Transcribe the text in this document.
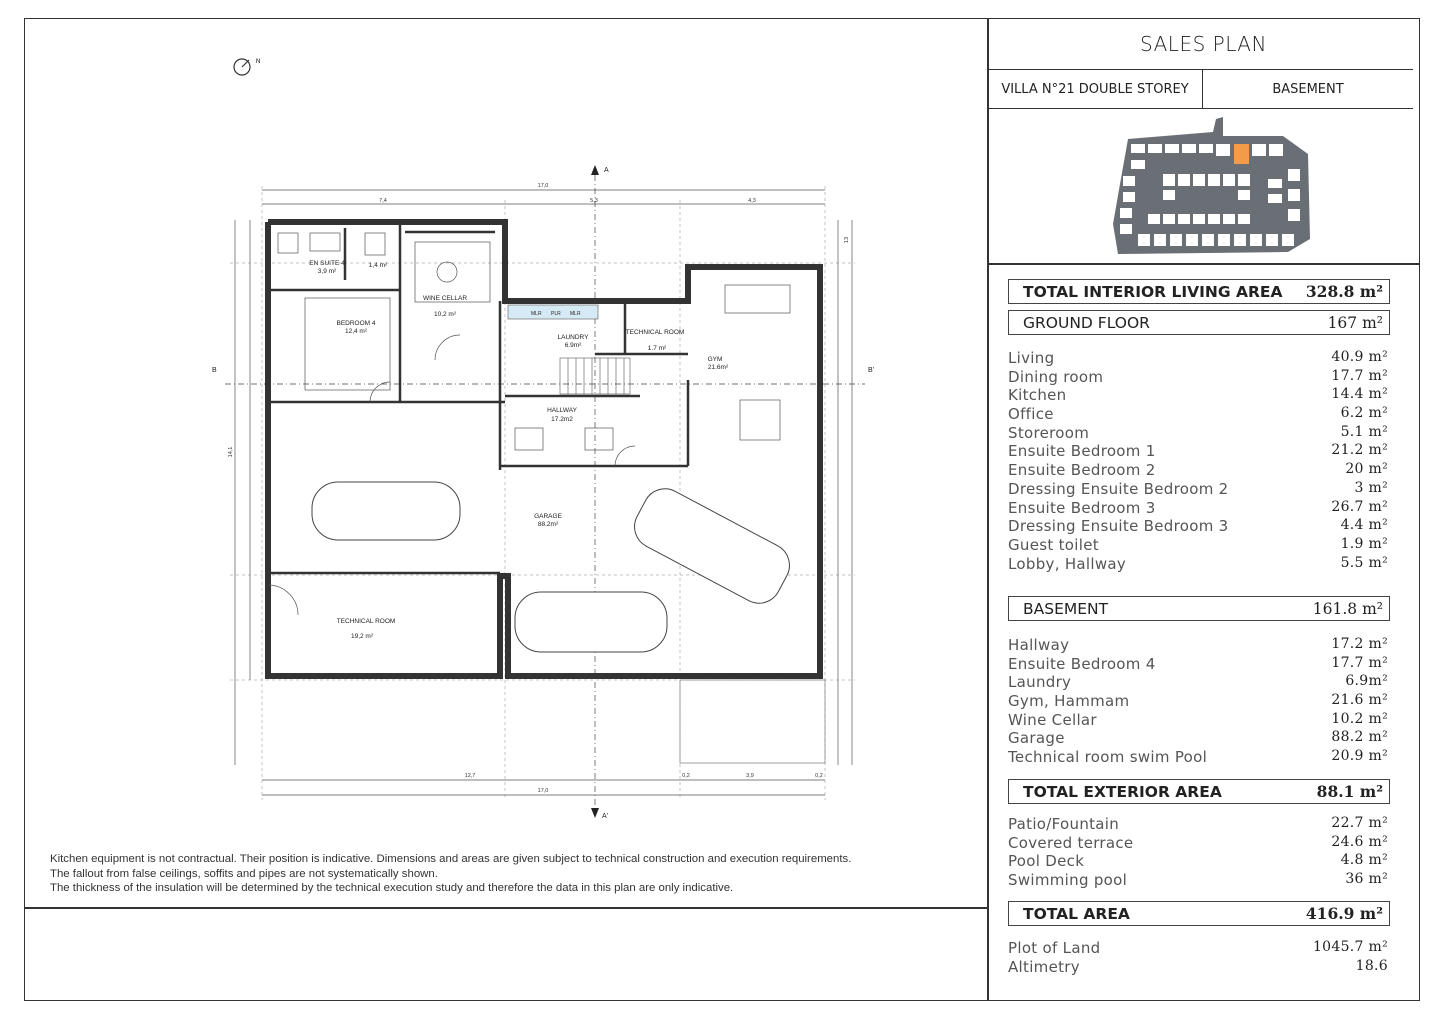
N
A
A'
B	B'
17,0
7,4	5,3	4,3
12,7	3,9
17,0
0,2	0,2
14,1
13
MLR PLR MLR
EN SUITE 4
3,9 m²
1,4 m²
BEDROOM 4
12,4 m²
WINE CELLAR
10,2 m²
LAUNDRY
6.9m²
TECHNICAL ROOM
1.7 m²
GYM
21.6m²
HALLWAY
17.2m2
GARAGE
88.2m²
TECHNICAL ROOM
19,2 m²
Kitchen equipment is not contractual. Their position is indicative. Dimensions and areas are given subject to technical construction and execution requirements.
The fallout from false ceilings, soffits and pipes are not systematically shown.
The thickness of the insulation will be determined by the technical execution study and therefore the data in this plan are only indicative.
SALES PLAN
VILLA N°21 DOUBLE STOREY	BASEMENT
TOTAL INTERIOR LIVING AREA 328.8 m²
GROUND FLOOR	167 m²
Living	40.9 m²
Dining room	17.7 m²
Kitchen	14.4 m²
Office	6.2 m²
Storeroom	5.1 m²
Ensuite Bedroom 1	21.2 m²
Ensuite Bedroom 2	20 m²
Dressing Ensuite Bedroom 2	3 m²
Ensuite Bedroom 3	26.7 m²
Dressing Ensuite Bedroom 3	4.4 m²
Guest toilet	1.9 m²
Lobby, Hallway	5.5 m²
BASEMENT	161.8 m²
Hallway	17.2 m²
Ensuite Bedroom 4	17.7 m²
Laundry	6.9m²
Gym, Hammam	21.6 m²
Wine Cellar	10.2 m²
Garage	88.2 m²
Technical room swim Pool	20.9 m²
TOTAL EXTERIOR AREA	88.1 m²
Patio/Fountain	22.7 m²
Covered terrace	24.6 m²
Pool Deck	4.8 m²
Swimming pool	36 m²
TOTAL AREA	416.9 m²
Plot of Land	1045.7 m²
Altimetry	18.6
